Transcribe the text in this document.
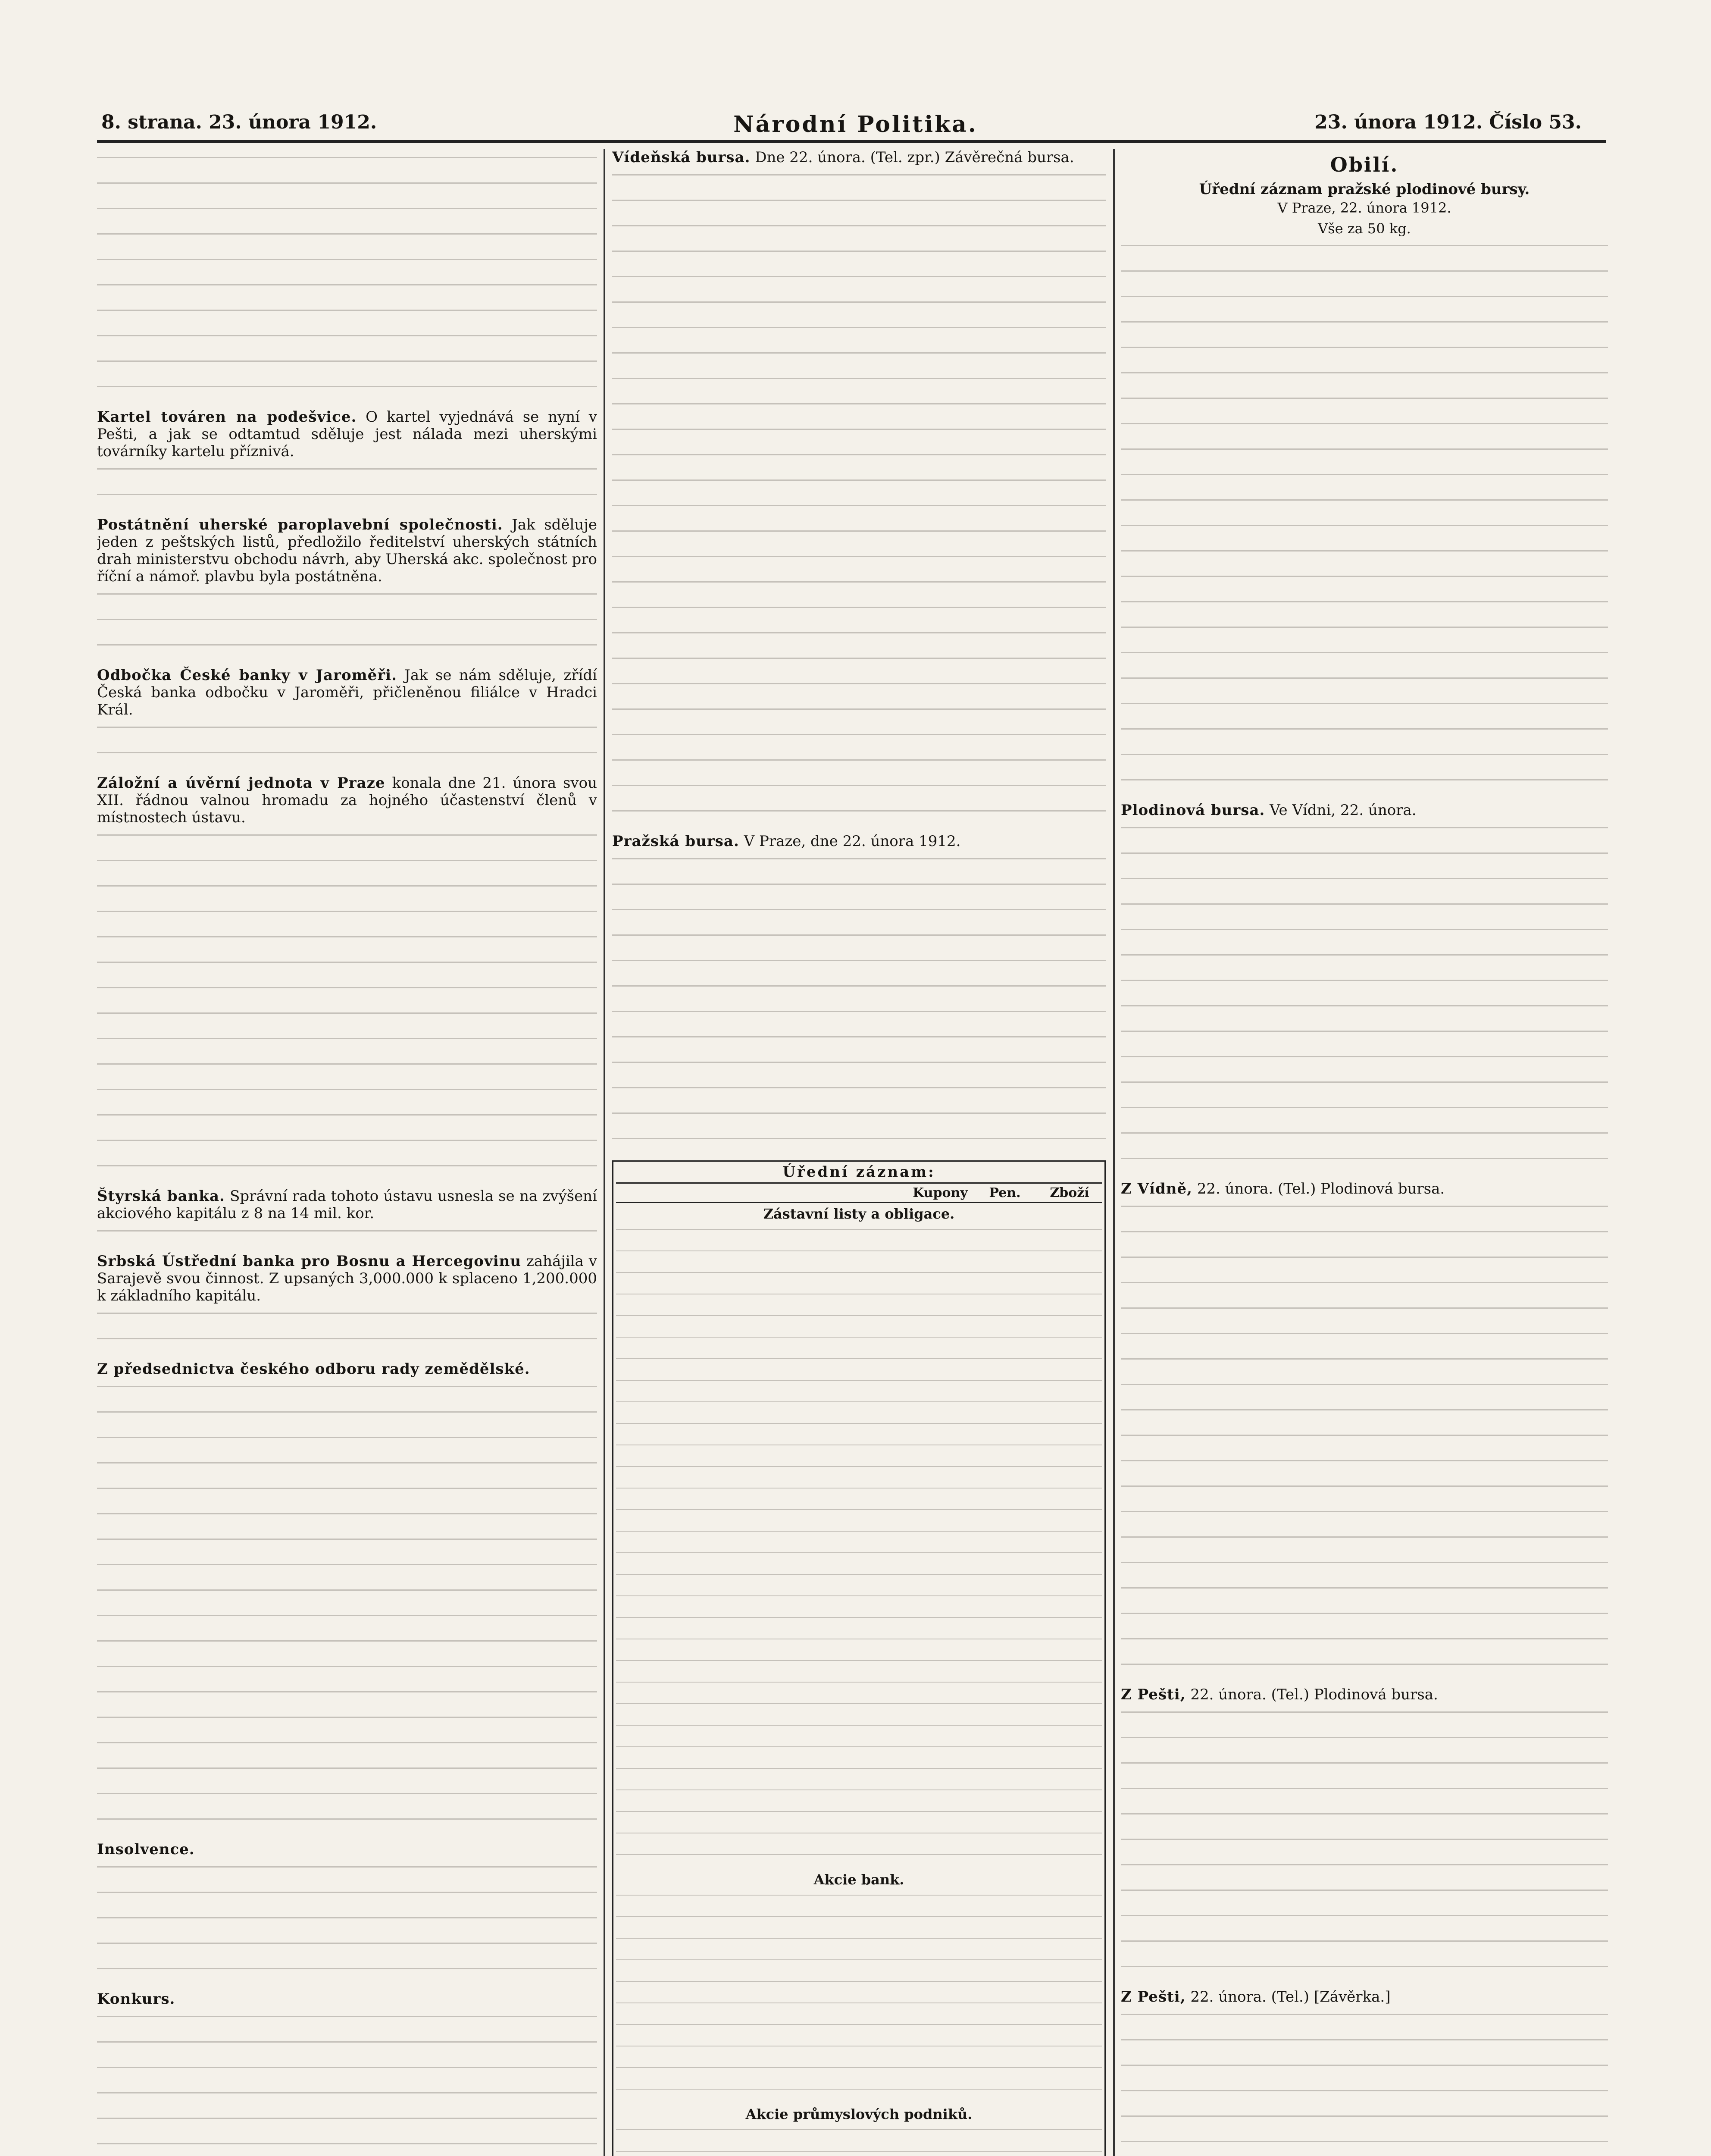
8. strana. 23. února 1912.	Národní Politika.	23. února 1912. Číslo 53.

Kartel továren na podešvice. O kartel vyjednává se nyní v Pešti, a jak se odtamtud sděluje jest nálada mezi uherskými továrníky kartelu příznivá.

Postátnění uherské paroplavební společnosti. Jak sděluje jeden z peštských listů, předložilo ředitelství uherských státních drah ministerstvu obchodu návrh, aby Uherská akc. společnost pro říční a námoř. plavbu byla postátněna.

Odbočka České banky v Jaroměři. Jak se nám sděluje, zřídí Česká banka odbočku v Jaroměři, přičleněnou filiálce v Hradci Král.

Záložní a úvěrní jednota v Praze konala dne 21. února svou XII. řádnou valnou hromadu za hojného účastenství členů v místnostech ústavu.

Štyrská banka. Správní rada tohoto ústavu usnesla se na zvýšení akciového kapitálu z 8 na 14 mil. kor.

Srbská Ústřední banka pro Bosnu a Hercegovinu zahájila v Sarajevě svou činnost. Z upsaných 3,000.000 k splaceno 1,200.000 k základního kapitálu.

Z předsednictva českého odboru rady zemědělské.

Insolvence.

Konkurs.

Vídeňská bursa. Dne 22. února. (Tel. zpr.) Závěrečná bursa.

Pražská bursa. V Praze, dne 22. února 1912.

Úřední záznam:
Kupony	Pen.	Zboží
Zástavní listy a obligace.
Akcie bank.
Akcie průmyslových podniků.

Obilí.
Úřední záznam pražské plodinové bursy.
V Praze, 22. února 1912.
Vše za 50 kg.

Plodinová bursa. Ve Vídni, 22. února.

Z Vídně, 22. února. (Tel.) Plodinová bursa.

Z Pešti, 22. února. (Tel.) Plodinová bursa.

Z Pešti, 22. února. (Tel.) [Závěrka.]
